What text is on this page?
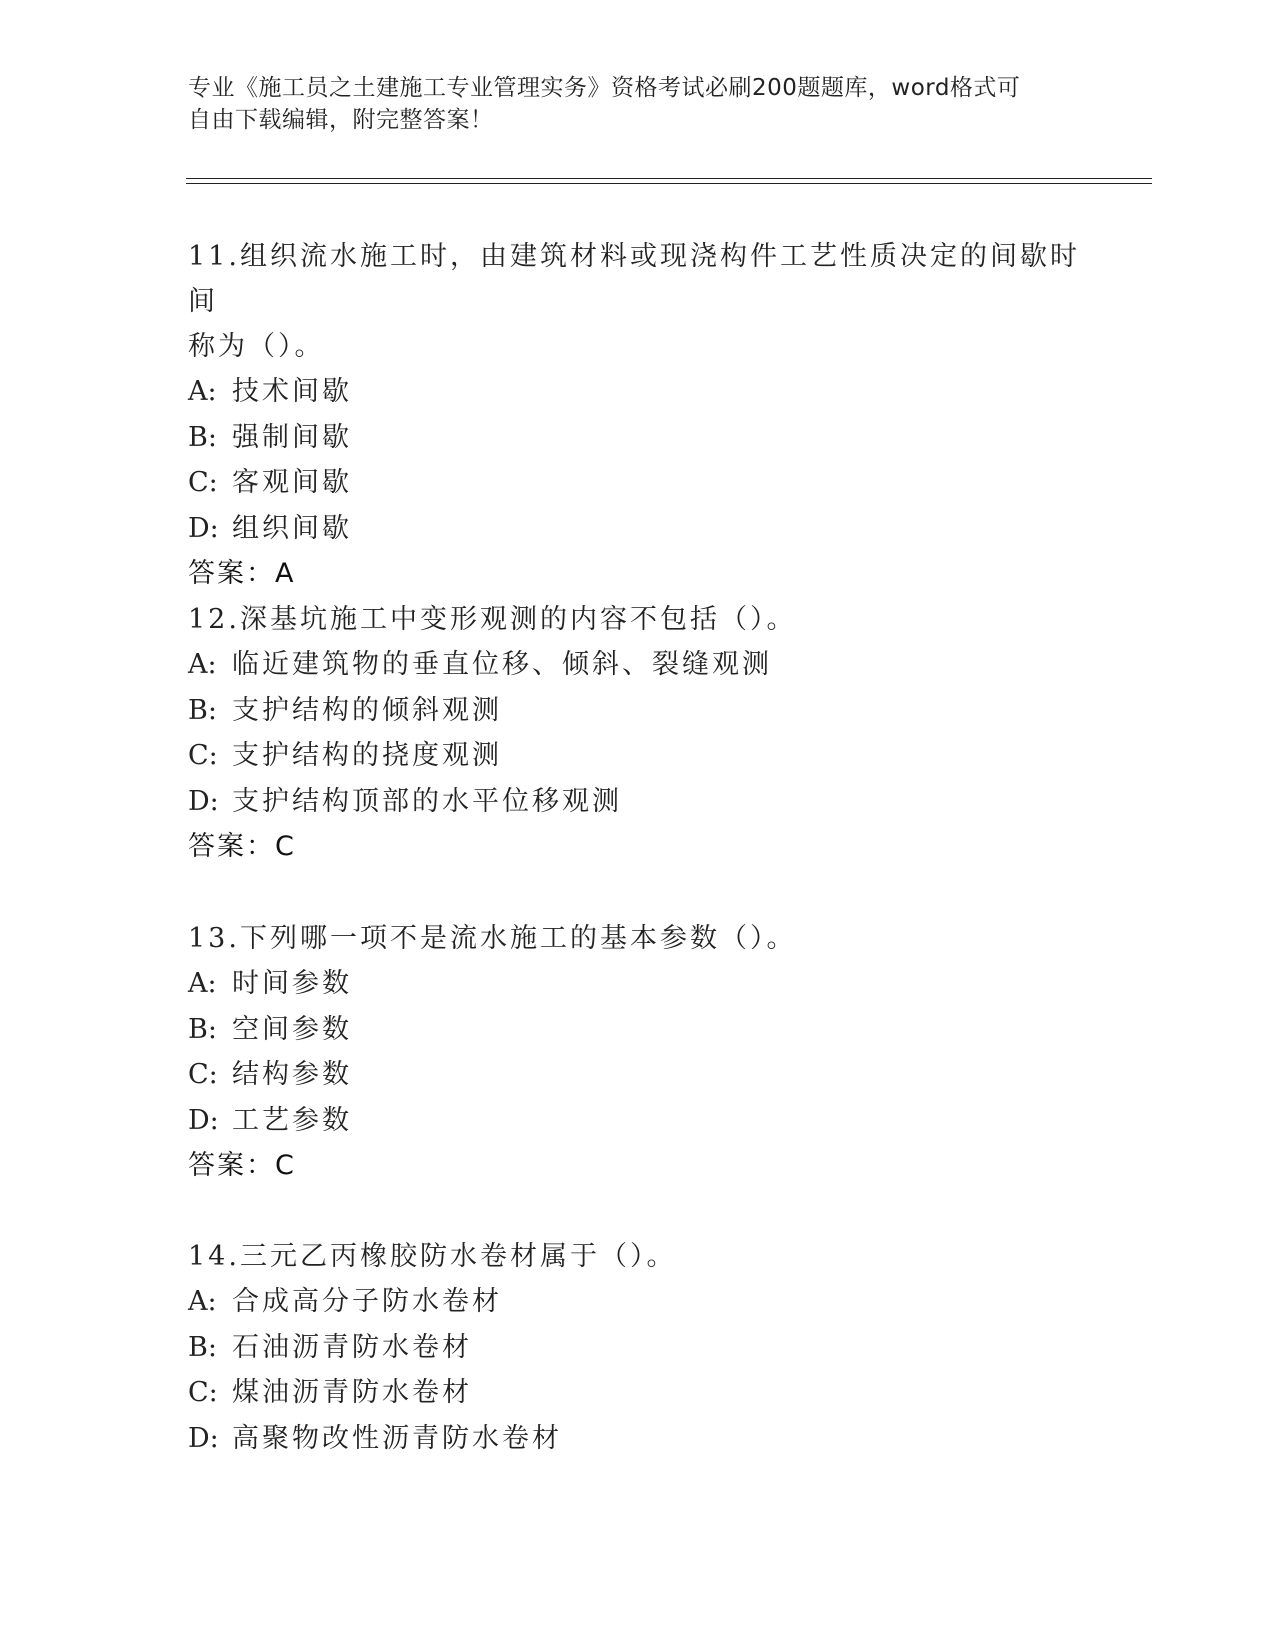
专业《施工员之土建施工专业管理实务》资格考试必刷200题题库，word格式可
自由下载编辑，附完整答案！

11.组织流水施工时，由建筑材料或现浇构件工艺性质决定的间歇时间

称为（）。

A: 技术间歇

B: 强制间歇

C: 客观间歇

D: 组织间歇

答案：A

12.深基坑施工中变形观测的内容不包括（）。

A: 临近建筑物的垂直位移、倾斜、裂缝观测

B: 支护结构的倾斜观测

C: 支护结构的挠度观测

D: 支护结构顶部的水平位移观测

答案：C

13.下列哪一项不是流水施工的基本参数（）。

A: 时间参数

B: 空间参数

C: 结构参数

D: 工艺参数

答案：C

14.三元乙丙橡胶防水卷材属于（）。

A: 合成高分子防水卷材

B: 石油沥青防水卷材

C: 煤油沥青防水卷材

D: 高聚物改性沥青防水卷材
